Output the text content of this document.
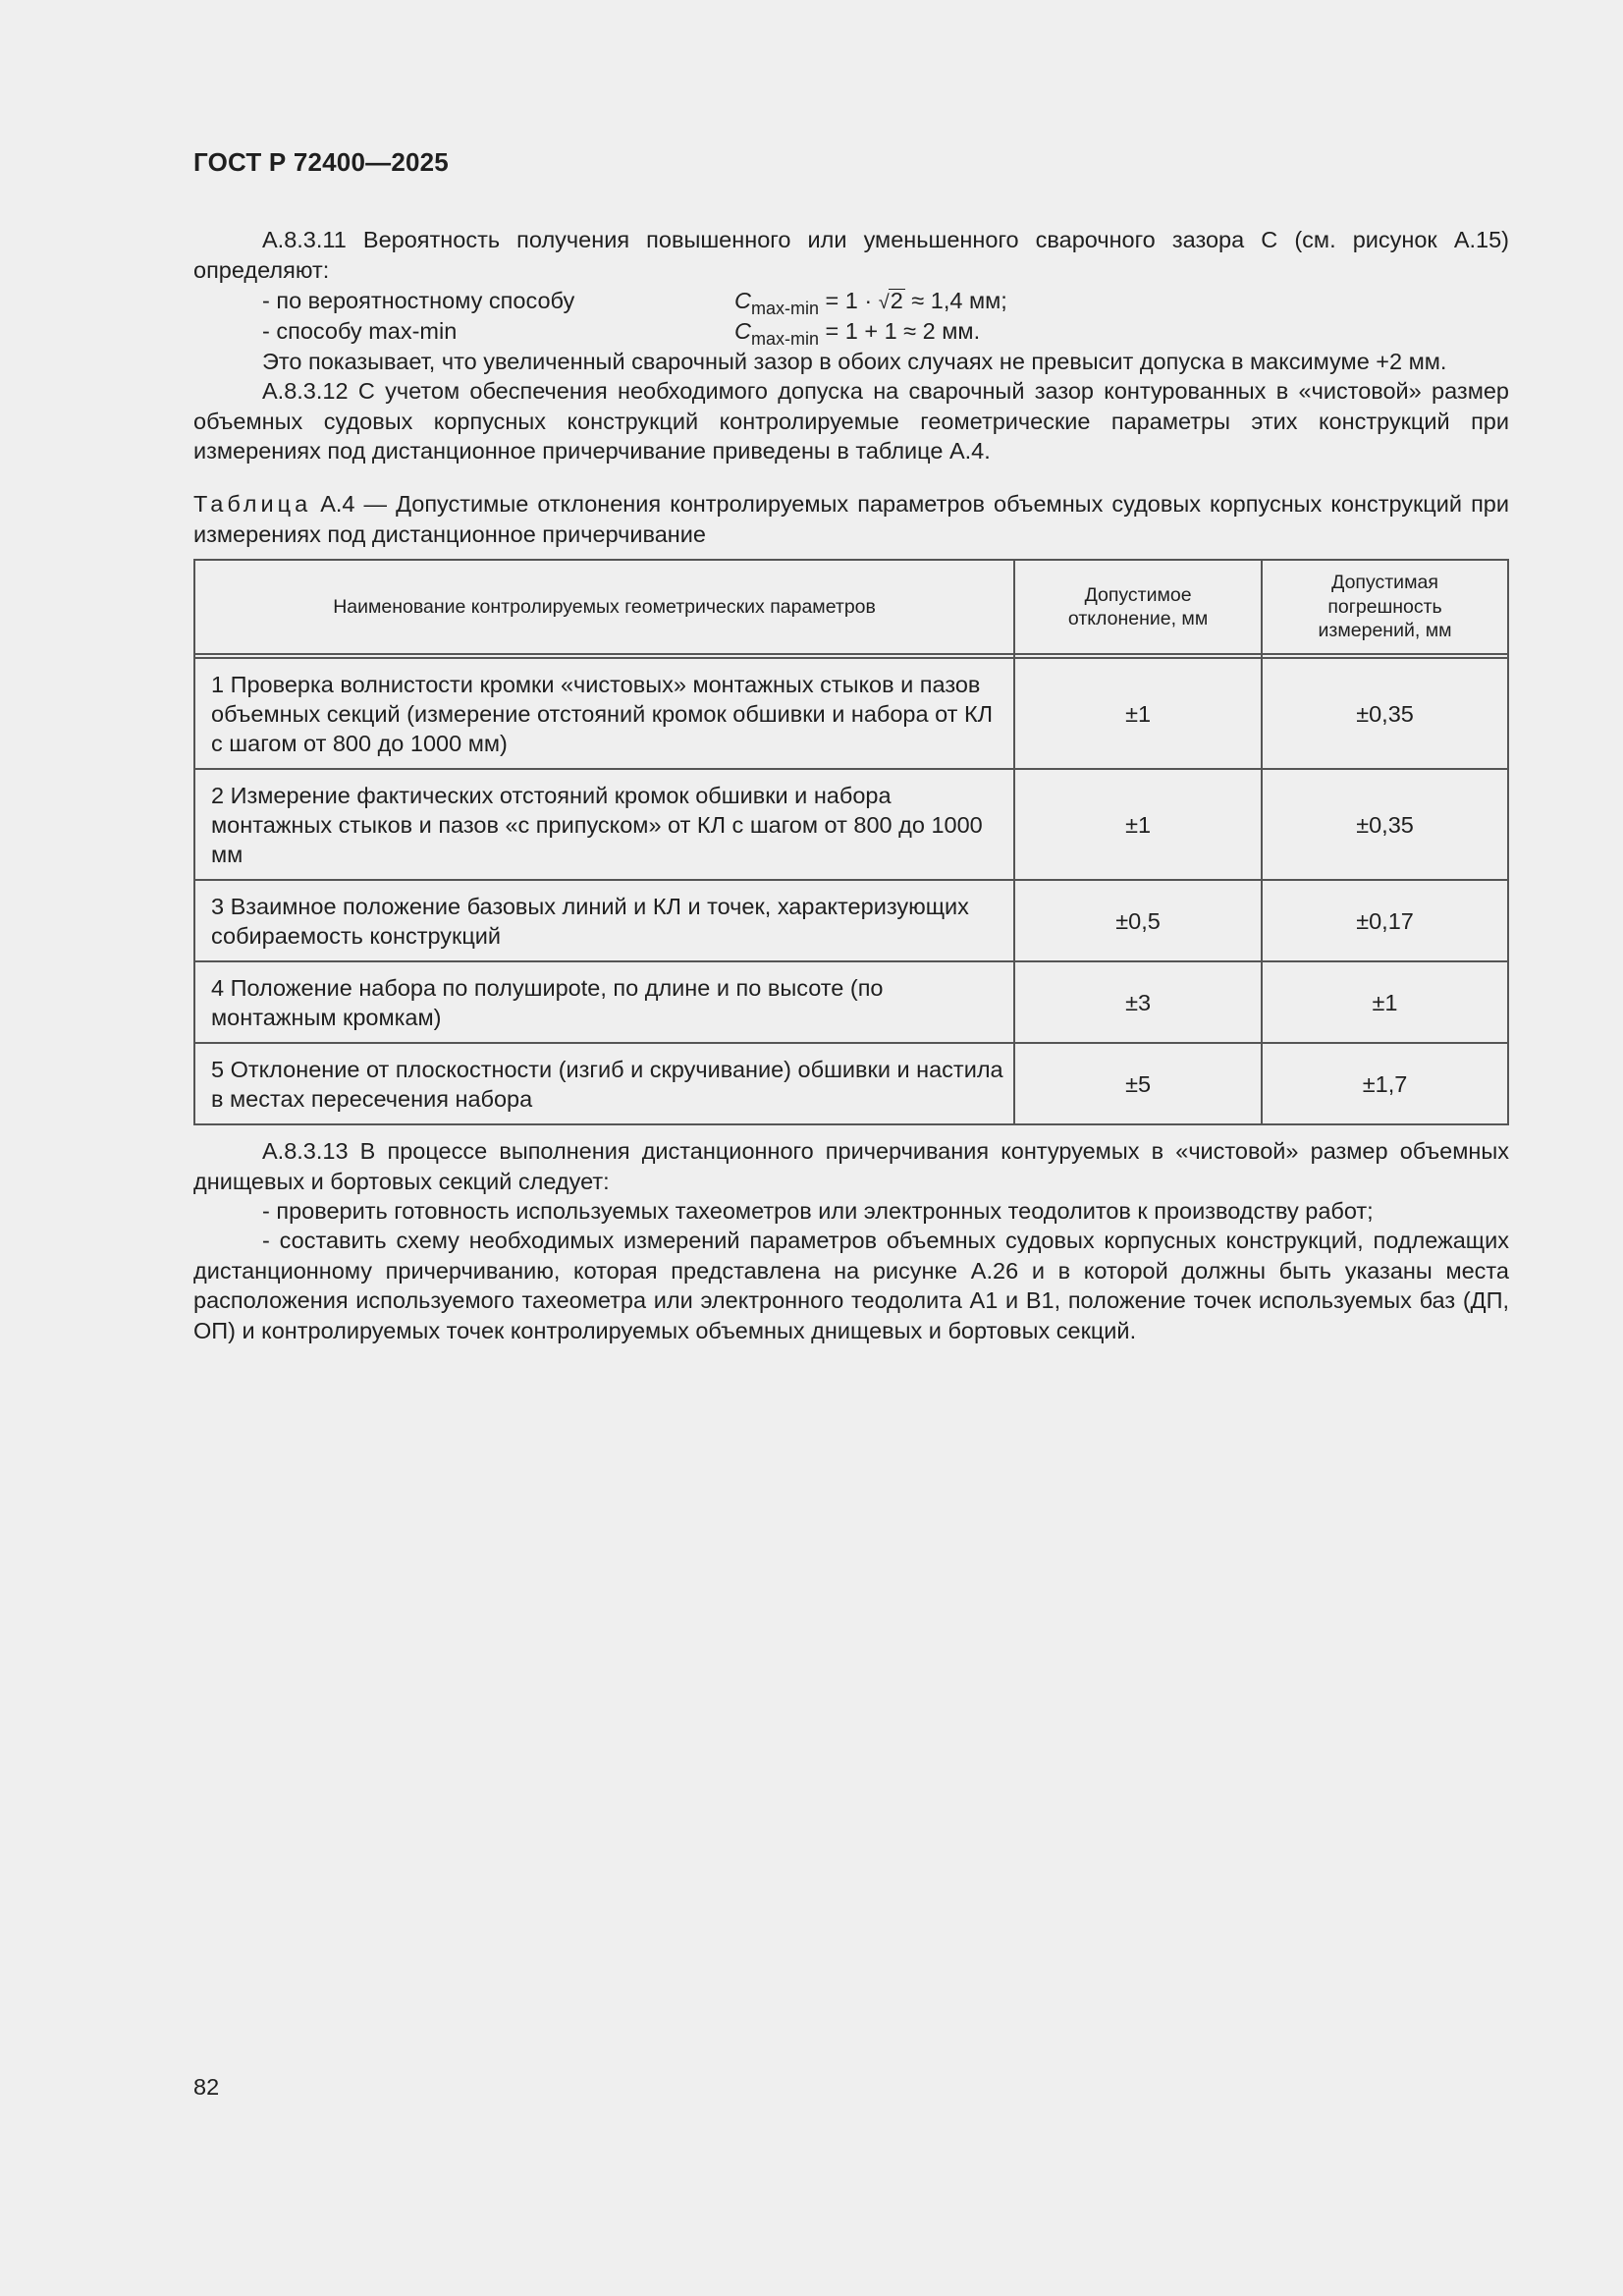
ГОСТ Р 72400—2025
А.8.3.11 Вероятность получения повышенного или уменьшенного сварочного зазора C (см. рисунок А.15) определяют:
- по вероятностному способу	$C_{max-min} = 1 \cdot √2 \approx 1,4$ мм;
- способу max-min	$C_{max-min} = 1 + 1 \approx 2$ мм.
Это показывает, что увеличенный сварочный зазор в обоих случаях не превысит допуска в максимуме +2 мм.
А.8.3.12 С учетом обеспечения необходимого допуска на сварочный зазор контурованных в «чистовой» размер объемных судовых корпусных конструкций контролируемые геометрические параметры этих конструкций при измерениях под дистанционное причерчивание приведены в таблице А.4.
Таблица А.4 — Допустимые отклонения контролируемых параметров объемных судовых корпусных конструкций при измерениях под дистанционное причерчивание
Наименование контролируемых геометрических параметров	Допустимое отклонение, мм	Допустимая погрешность измерений, мм

1 Проверка волнистости кромки «чистовых» монтажных стыков и пазов объемных секций (измерение отстояний кромок обшивки и набора от КЛ с шагом от 800 до 1000 мм)	±1	±0,35
2 Измерение фактических отстояний кромок обшивки и набора монтажных стыков и пазов «с припуском» от КЛ с шагом от 800 до 1000 мм	±1	±0,35
3 Взаимное положение базовых линий и КЛ и точек, характеризующих собираемость конструкций	±0,5	±0,17
4 Положение набора по полуширote, по длине и по высоте (по монтажным кромкам)	±3	±1
5 Отклонение от плоскостности (изгиб и скручивание) обшивки и настила в местах пересечения набора	±5	±1,7
А.8.3.13 В процессе выполнения дистанционного причерчивания контуруемых в «чистовой» размер объемных днищевых и бортовых секций следует:
- проверить готовность используемых тахеометров или электронных теодолитов к производству работ;
- составить схему необходимых измерений параметров объемных судовых корпусных конструкций, подлежащих дистанционному причерчиванию, которая представлена на рисунке А.26 и в которой должны быть указаны места расположения используемого тахеометра или электронного теодолита А1 и В1, положение точек используемых баз (ДП, ОП) и контролируемых точек контролируемых объемных днищевых и бортовых секций.
82
